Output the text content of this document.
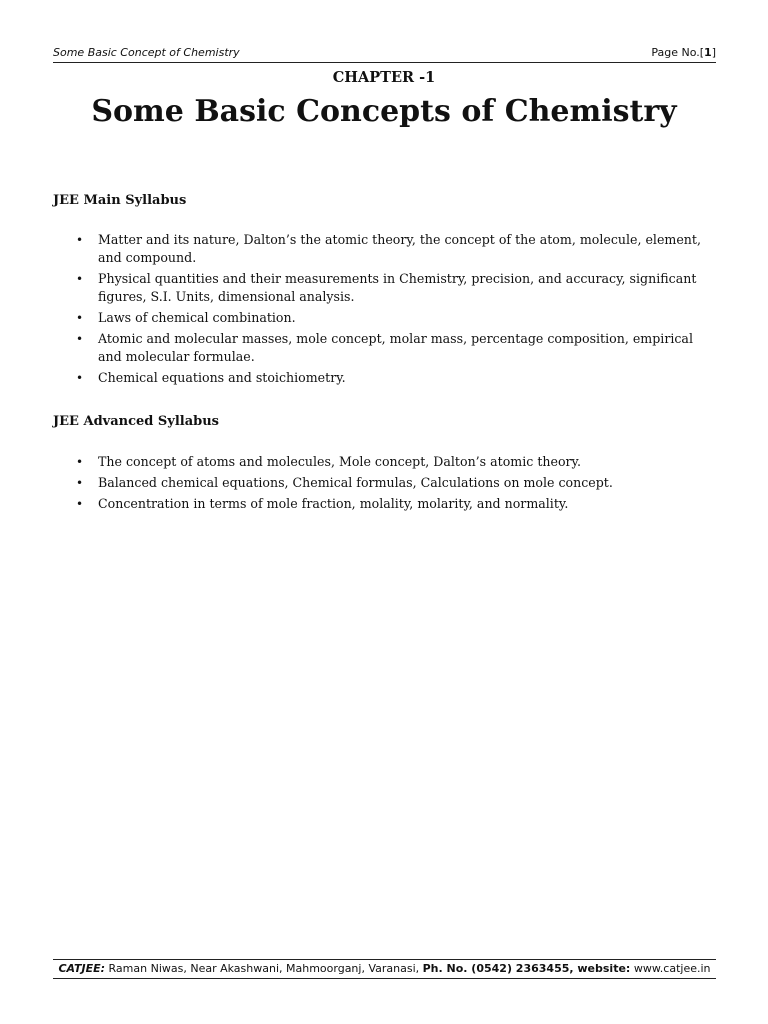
Some Basic Concept of Chemistry	Page No.[1]
CHAPTER -1
Some Basic Concepts of Chemistry
JEE Main Syllabus
• Matter and its nature, Dalton’s the atomic theory, the concept of the atom, molecule, element, and compound.
• Physical quantities and their measurements in Chemistry, precision, and accuracy, significant figures, S.I. Units, dimensional analysis.
• Laws of chemical combination.
• Atomic and molecular masses, mole concept, molar mass, percentage composition, empirical and molecular formulae.
• Chemical equations and stoichiometry.
JEE Advanced Syllabus
• The concept of atoms and molecules, Mole concept, Dalton’s atomic theory.
• Balanced chemical equations, Chemical formulas, Calculations on mole concept.
• Concentration in terms of mole fraction, molality, molarity, and normality.
CATJEE: Raman Niwas, Near Akashwani, Mahmoorganj, Varanasi, Ph. No. (0542) 2363455, website: www.catjee.in
